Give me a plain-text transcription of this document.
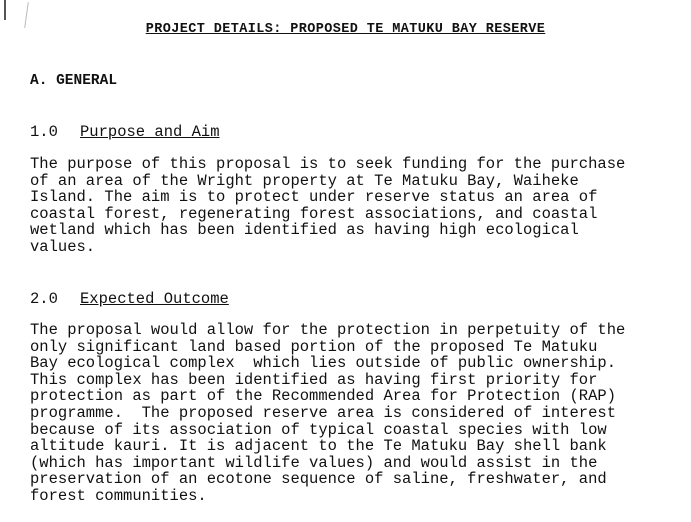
PROJECT DETAILS: PROPOSED TE MATUKU BAY RESERVE
A. GENERAL
1.0 Purpose and Aim
The purpose of this proposal is to seek funding for the purchase
of an area of the Wright property at Te Matuku Bay, Waiheke
Island. The aim is to protect under reserve status an area of
coastal forest, regenerating forest associations, and coastal
wetland which has been identified as having high ecological
values.
2.0 Expected Outcome
The proposal would allow for the protection in perpetuity of the
only significant land based portion of the proposed Te Matuku
Bay ecological complex  which lies outside of public ownership.
This complex has been identified as having first priority for
protection as part of the Recommended Area for Protection (RAP)
programme.  The proposed reserve area is considered of interest
because of its association of typical coastal species with low
altitude kauri. It is adjacent to the Te Matuku Bay shell bank
(which has important wildlife values) and would assist in the
preservation of an ecotone sequence of saline, freshwater, and
forest communities.
